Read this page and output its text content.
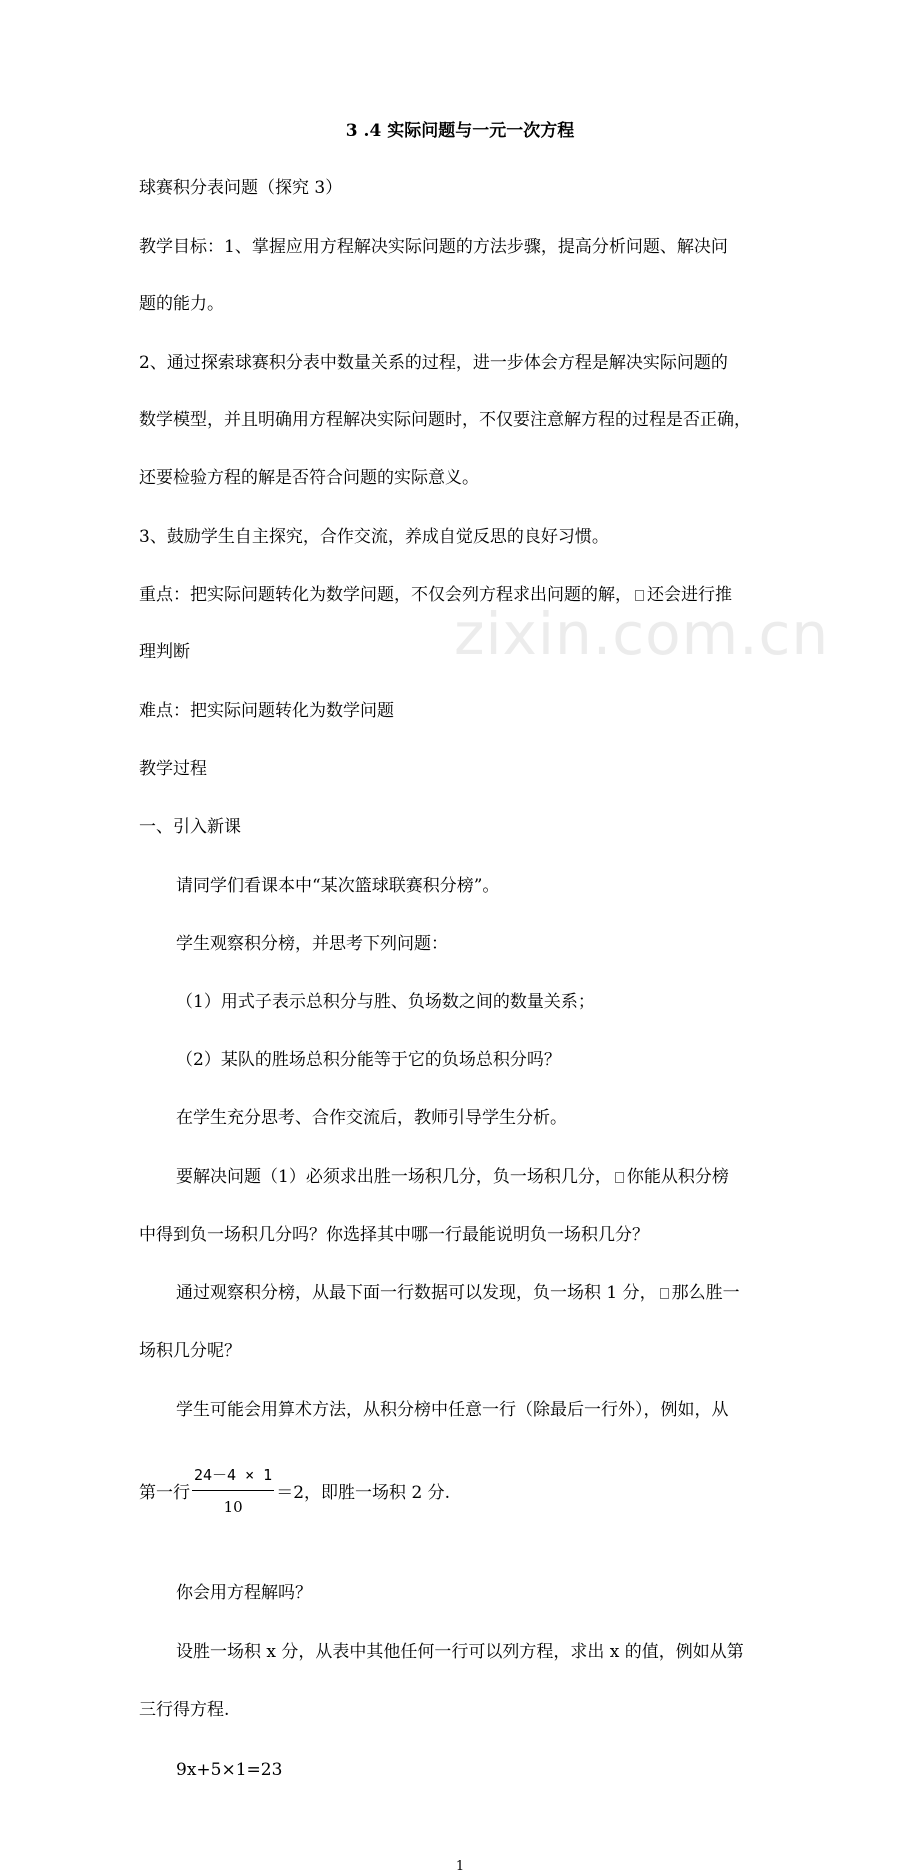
zixin.com.cn
3 .4 实际问题与一元一次方程
球赛积分表问题（探究 3）
教学目标：1、掌握应用方程解决实际问题的方法步骤，提高分析问题、解决问
题的能力。
2、通过探索球赛积分表中数量关系的过程，进一步体会方程是解决实际问题的
数学模型，并且明确用方程解决实际问题时，不仅要注意解方程的过程是否正确，
还要检验方程的解是否符合问题的实际意义。
3、鼓励学生自主探究，合作交流，养成自觉反思的良好习惯。
重点：把实际问题转化为数学问题，不仅会列方程求出问题的解， 还会进行推
理判断
难点：把实际问题转化为数学问题
教学过程
一、引入新课
请同学们看课本中“某次篮球联赛积分榜”。
学生观察积分榜，并思考下列问题：
（1）用式子表示总积分与胜、负场数之间的数量关系；
（2）某队的胜场总积分能等于它的负场总积分吗？
在学生充分思考、合作交流后，教师引导学生分析。
要解决问题（1）必须求出胜一场积几分，负一场积几分， 你能从积分榜
中得到负一场积几分吗？你选择其中哪一行最能说明负一场积几分？
通过观察积分榜，从最下面一行数据可以发现，负一场积 1 分， 那么胜一
场积几分呢？
学生可能会用算术方法，从积分榜中任意一行（除最后一行外），例如，从
第一行 $\frac{24-4 \times 1}{10} =2$，即胜一场积 2 分.
你会用方程解吗？
设胜一场积 x 分，从表中其他任何一行可以列方程，求出 x 的值，例如从第
三行得方程.
9x+5×1=23
1
